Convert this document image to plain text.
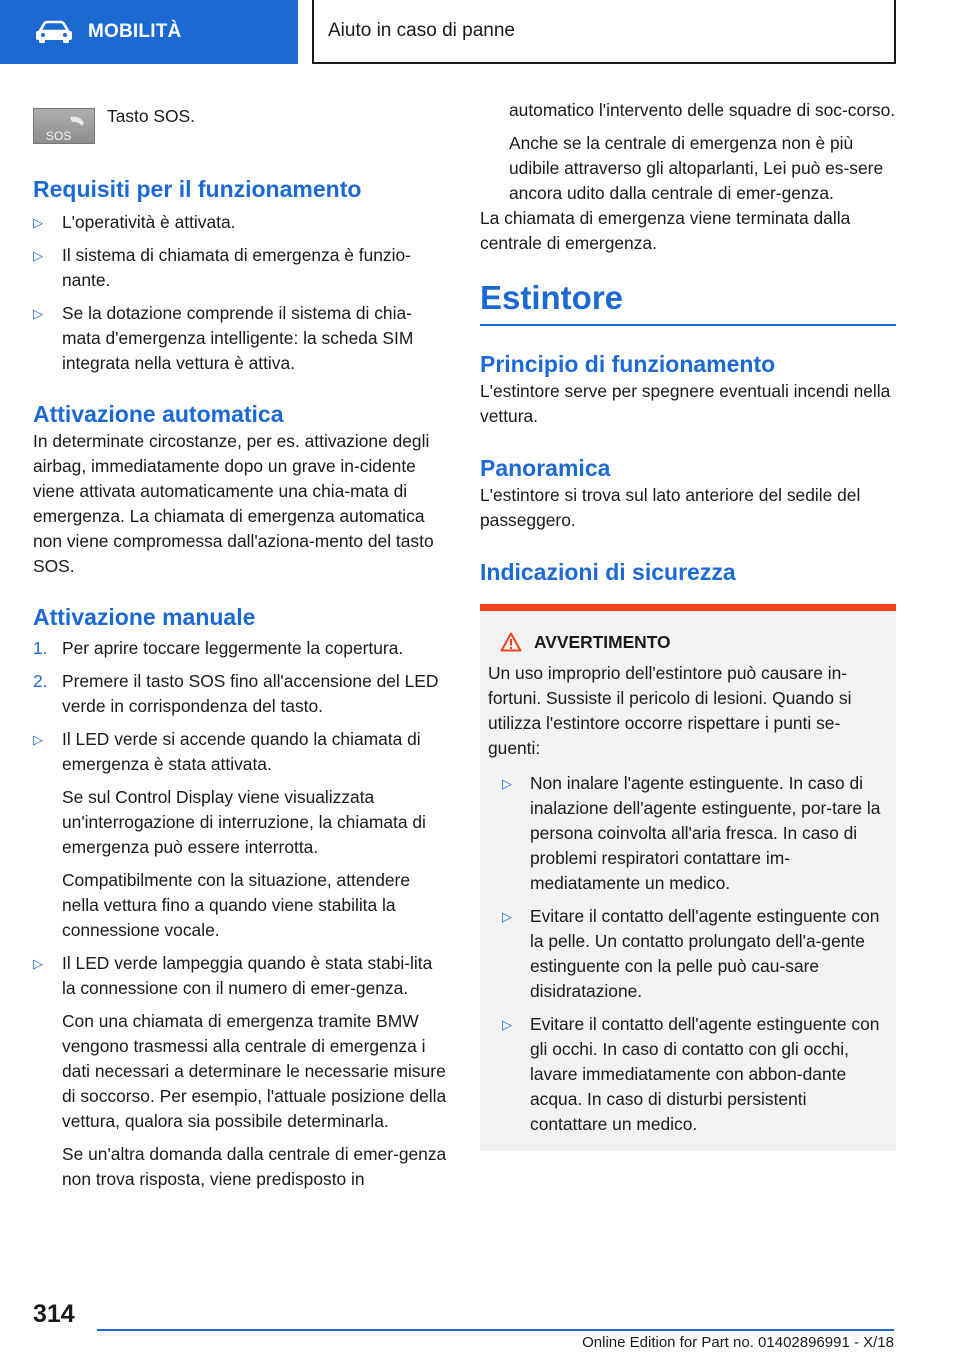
MOBILITÀ	Aiuto in caso di panne
SOS
Tasto SOS.
Requisiti per il funzionamento
▷ L'operatività è attivata.
▷ Il sistema di chiamata di emergenza è funzio-nante.
▷ Se la dotazione comprende il sistema di chia-mata d'emergenza intelligente: la scheda SIM integrata nella vettura è attiva.
Attivazione automatica

In determinate circostanze, per es. attivazione degli airbag, immediatamente dopo un grave in-cidente viene attivata automaticamente una chia-mata di emergenza. La chiamata di emergenza automatica non viene compromessa dall'aziona-mento del tasto SOS.

Attivazione manuale
1. Per aprire toccare leggermente la copertura.
2. Premere il tasto SOS fino all'accensione del LED verde in corrispondenza del tasto.
▷ Il LED verde si accende quando la chiamata di emergenza è stata attivata.

Se sul Control Display viene visualizzata un'interrogazione di interruzione, la chiamata di emergenza può essere interrotta.

Compatibilmente con la situazione, attendere nella vettura fino a quando viene stabilita la connessione vocale.

▷ Il LED verde lampeggia quando è stata stabi-lita la connessione con il numero di emer-genza.

Con una chiamata di emergenza tramite BMW vengono trasmessi alla centrale di emergenza i dati necessari a determinare le necessarie misure di soccorso. Per esempio, l'attuale posizione della vettura, qualora sia possibile determinarla.

Se un'altra domanda dalla centrale di emer-genza non trova risposta, viene predisposto in

automatico l'intervento delle squadre di soc-corso.

Anche se la centrale di emergenza non è più udibile attraverso gli altoparlanti, Lei può es-sere ancora udito dalla centrale di emer-genza.

La chiamata di emergenza viene terminata dalla centrale di emergenza.

Estintore
Principio di funzionamento

L'estintore serve per spegnere eventuali incendi nella vettura.

Panoramica

L'estintore si trova sul lato anteriore del sedile del passeggero.

Indicazioni di sicurezza
AVVERTIMENTO

Un uso improprio dell'estintore può causare in-fortuni. Sussiste il pericolo di lesioni. Quando si utilizza l'estintore occorre rispettare i punti se-guenti:

▷ Non inalare l'agente estinguente. In caso di inalazione dell'agente estinguente, por-tare la persona coinvolta all'aria fresca. In caso di problemi respiratori contattare im-mediatamente un medico.
▷ Evitare il contatto dell'agente estinguente con la pelle. Un contatto prolungato dell'a-gente estinguente con la pelle può cau-sare disidratazione.
▷ Evitare il contatto dell'agente estinguente con gli occhi. In caso di contatto con gli occhi, lavare immediatamente con abbon-dante acqua. In caso di disturbi persistenti contattare un medico.
314
Online Edition for Part no. 01402896991 - X/18
